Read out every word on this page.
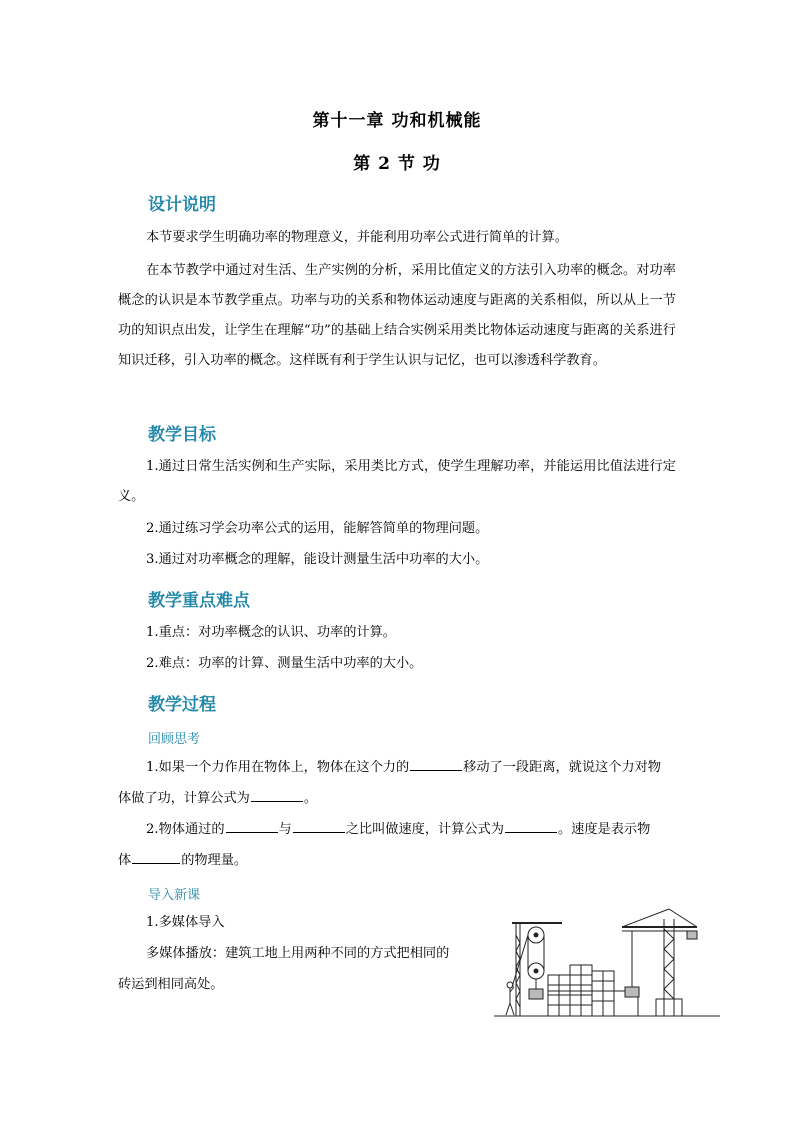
第十一章 功和机械能
第 2 节 功
设计说明
本节要求学生明确功率的物理意义，并能利用功率公式进行简单的计算。
在本节教学中通过对生活、生产实例的分析，采用比值定义的方法引入功率的概念。对功率概念的认识是本节教学重点。功率与功的关系和物体运动速度与距离的关系相似，所以从上一节功的知识点出发，让学生在理解“功”的基础上结合实例采用类比物体运动速度与距离的关系进行知识迁移，引入功率的概念。这样既有利于学生认识与记忆，也可以渗透科学教育。
教学目标
1.通过日常生活实例和生产实际，采用类比方式，使学生理解功率，并能运用比值法进行定义。
2.通过练习学会功率公式的运用，能解答简单的物理问题。
3.通过对功率概念的理解，能设计测量生活中功率的大小。
教学重点难点
1.重点：对功率概念的认识、功率的计算。
2.难点：功率的计算、测量生活中功率的大小。
教学过程
回顾思考
1.如果一个力作用在物体上，物体在这个力的	移动了一段距离，就说这个力对物
体做了功，计算公式为	。
2.物体通过的	与	之比叫做速度，计算公式为	。速度是表示物
体	的物理量。
导入新课
1.多媒体导入
多媒体播放：建筑工地上用两种不同的方式把相同的
砖运到相同高处。
